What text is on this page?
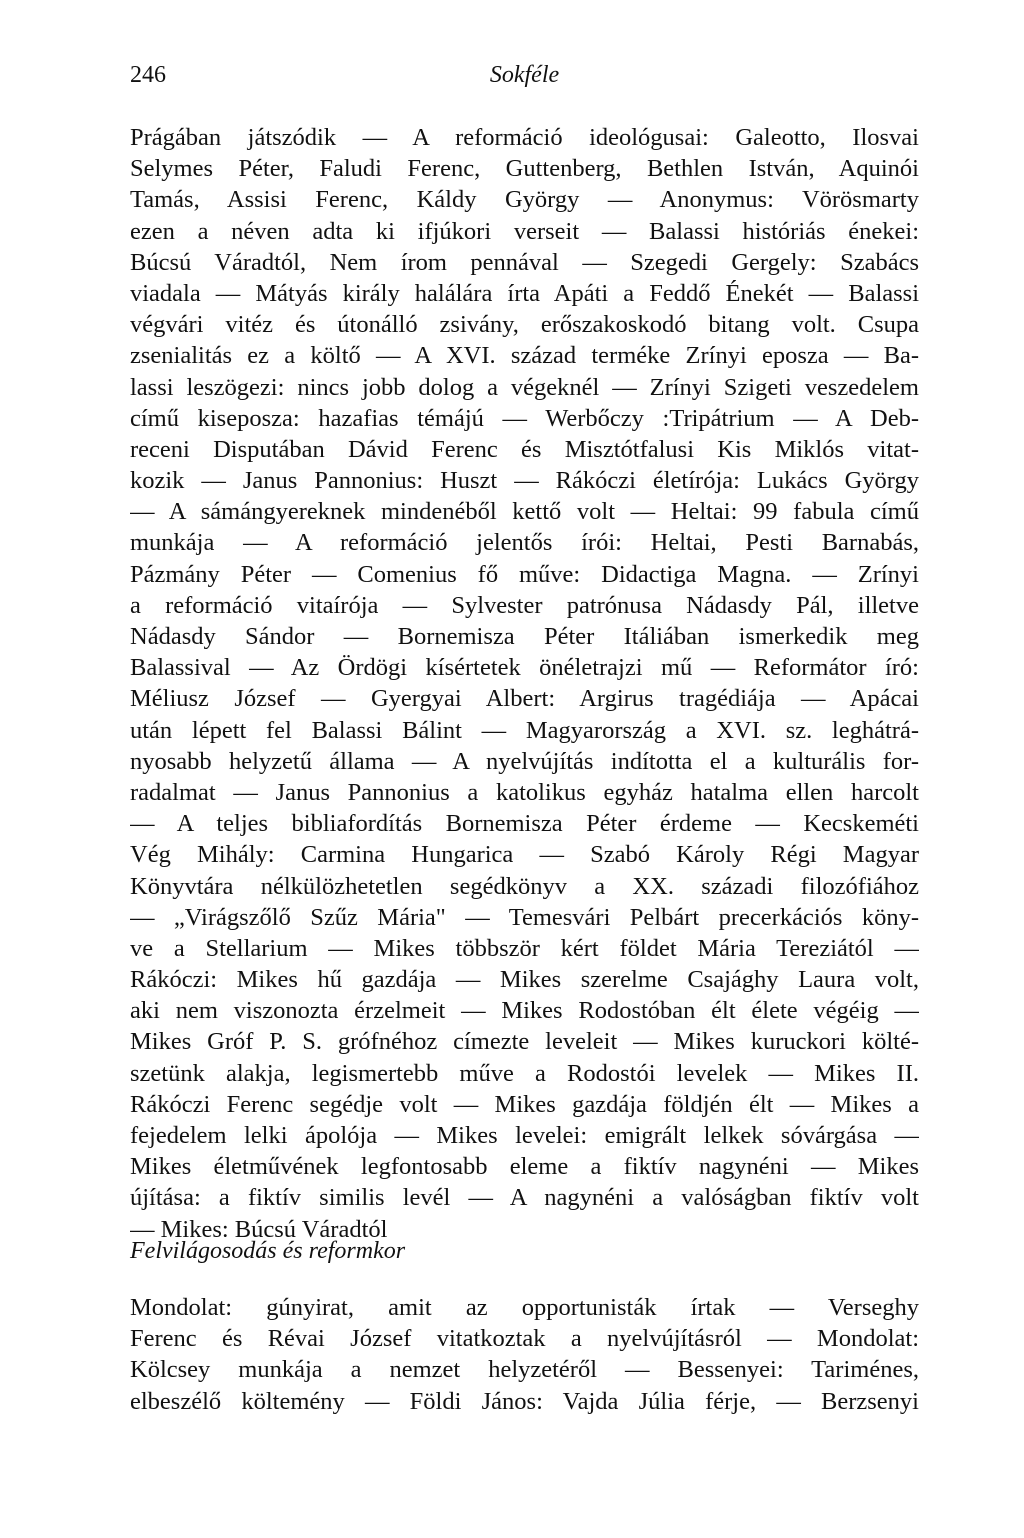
246	Sokféle
Prágában játszódik — A reformáció ideológusai: Galeotto, Ilosvai
Selymes Péter, Faludi Ferenc, Guttenberg, Bethlen István, Aquinói
Tamás, Assisi Ferenc, Káldy György — Anonymus: Vörösmarty
ezen a néven adta ki ifjúkori verseit — Balassi históriás énekei:
Búcsú Váradtól, Nem írom pennával — Szegedi Gergely: Szabács
viadala — Mátyás király halálára írta Apáti a Feddő Énekét — Balassi
végvári vitéz és útonálló zsivány, erőszakoskodó bitang volt. Csupa
zsenialitás ez a költő — A XVI. század terméke Zrínyi eposza — Ba-
lassi leszögezi: nincs jobb dolog a végeknél — Zrínyi Szigeti veszedelem
című kiseposza: hazafias témájú — Werbőczy :Tripátrium — A Deb-
receni Disputában Dávid Ferenc és Misztótfalusi Kis Miklós vitat-
kozik — Janus Pannonius: Huszt — Rákóczi életírója: Lukács György
— A sámángyereknek mindenéből kettő volt — Heltai: 99 fabula című
munkája — A reformáció jelentős írói: Heltai, Pesti Barnabás,
Pázmány Péter — Comenius fő műve: Didactiga Magna. — Zrínyi
a reformáció vitaírója — Sylvester patrónusa Nádasdy Pál, illetve
Nádasdy Sándor — Bornemisza Péter Itáliában ismerkedik meg
Balassival — Az Ördögi kísértetek önéletrajzi mű — Reformátor író:
Méliusz József — Gyergyai Albert: Argirus tragédiája — Apácai
után lépett fel Balassi Bálint — Magyarország a XVI. sz. leghátrá-
nyosabb helyzetű állama — A nyelvújítás indította el a kulturális for-
radalmat — Janus Pannonius a katolikus egyház hatalma ellen harcolt
— A teljes bibliafordítás Bornemisza Péter érdeme — Kecskeméti
Vég Mihály: Carmina Hungarica — Szabó Károly Régi Magyar
Könyvtára nélkülözhetetlen segédkönyv a XX. századi filozófiához
— „Virágszőlő Szűz Mária" — Temesvári Pelbárt precerkációs köny-
ve a Stellarium — Mikes többször kért földet Mária Tereziától —
Rákóczi: Mikes hű gazdája — Mikes szerelme Csajághy Laura volt,
aki nem viszonozta érzelmeit — Mikes Rodostóban élt élete végéig —
Mikes Gróf P. S. grófnéhoz címezte leveleit — Mikes kuruckori költé-
szetünk alakja, legismertebb műve a Rodostói levelek — Mikes II.
Rákóczi Ferenc segédje volt — Mikes gazdája földjén élt — Mikes a
fejedelem lelki ápolója — Mikes levelei: emigrált lelkek sóvárgása —
Mikes életművének legfontosabb eleme a fiktív nagynéni — Mikes
újítása: a fiktív similis levél — A nagynéni a valóságban fiktív volt
— Mikes: Búcsú Váradtól
Felvilágosodás és reformkor
Mondolat: gúnyirat, amit az opportunisták írtak — Verseghy
Ferenc és Révai József vitatkoztak a nyelvújításról — Mondolat:
Kölcsey munkája a nemzet helyzetéről — Bessenyei: Tariménes,
elbeszélő költemény — Földi János: Vajda Júlia férje, — Berzsenyi
